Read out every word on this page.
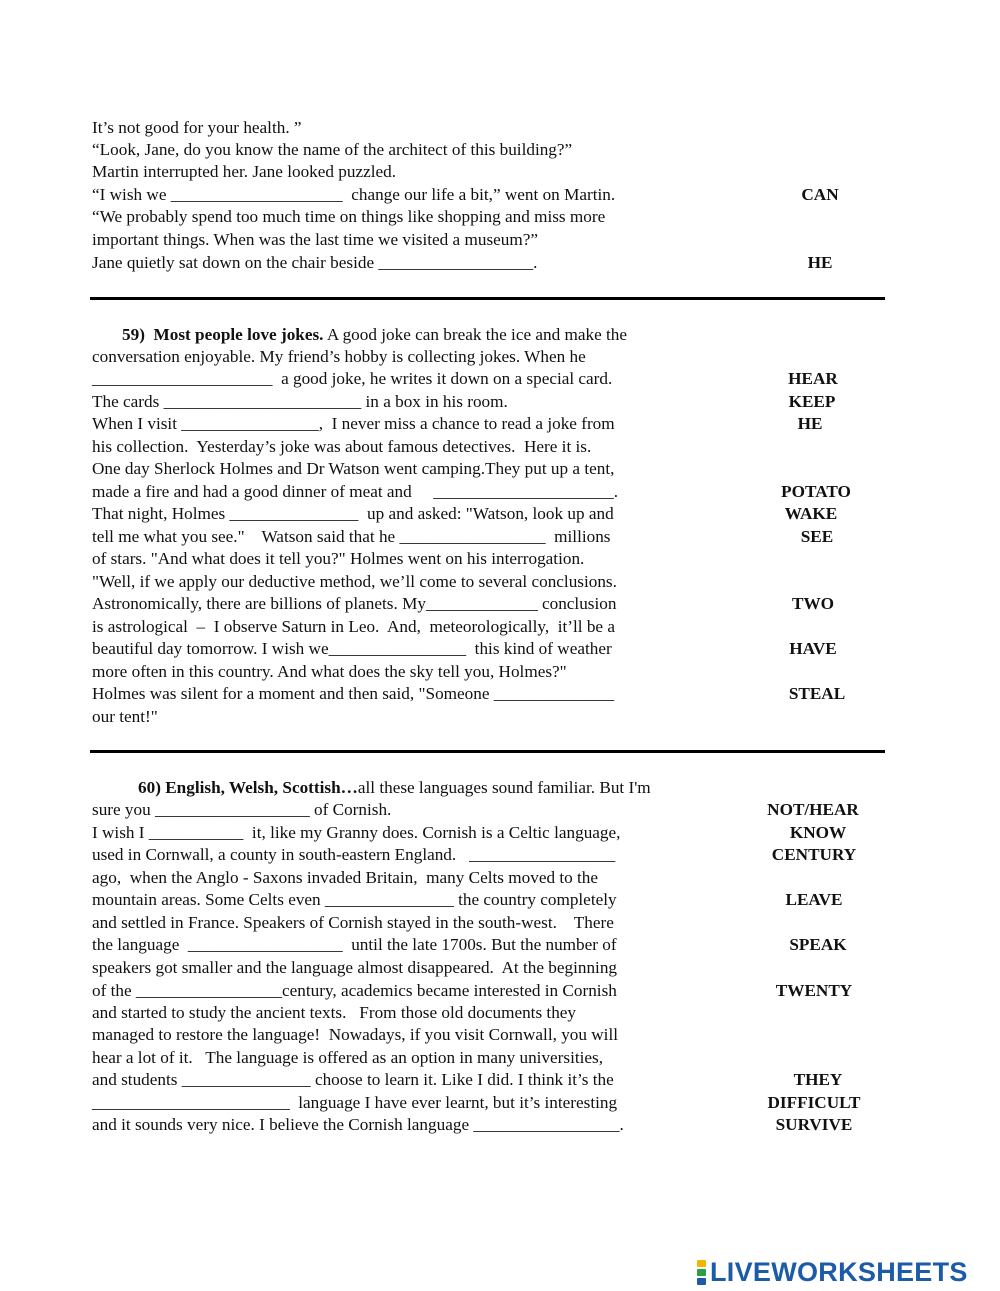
It’s not good for your health. ”
“Look, Jane, do you know the name of the architect of this building?”
Martin interrupted her. Jane looked puzzled.
“I wish we ____________________  change our life a bit,” went on Martin.
“We probably spend too much time on things like shopping and miss more
important things. When was the last time we visited a museum?”
Jane quietly sat down on the chair beside __________________.
CAN
HE
59) Most people love jokes. A good joke can break the ice and make the
conversation enjoyable. My friend’s hobby is collecting jokes. When he
_____________________  a good joke, he writes it down on a special card.
The cards _______________________ in a box in his room.
When I visit ________________,  I never miss a chance to read a joke from
his collection.  Yesterday’s joke was about famous detectives.  Here it is.
One day Sherlock Holmes and Dr Watson went camping.They put up a tent,
made a fire and had a good dinner of meat and     _____________________.
That night, Holmes _______________  up and asked: "Watson, look up and
tell me what you see."    Watson said that he _________________  millions
of stars. "And what does it tell you?" Holmes went on his interrogation.
"Well, if we apply our deductive method, we’ll come to several conclusions.
Astronomically, there are billions of planets. My_____________ conclusion
is astrological  –  I observe Saturn in Leo.  And,  meteorologically,  it’ll be a
beautiful day tomorrow. I wish we________________  this kind of weather
more often in this country. And what does the sky tell you, Holmes?"
Holmes was silent for a moment and then said, "Someone ______________
our tent!"
HEAR
KEEP
HE
POTATO
WAKE
SEE
TWO
HAVE
STEAL
60) English, Welsh, Scottish…all these languages sound familiar. But I'm
sure you __________________ of Cornish.
I wish I ___________  it, like my Granny does. Cornish is a Celtic language,
used in Cornwall, a county in south-eastern England.   _________________
ago,  when the Anglo - Saxons invaded Britain,  many Celts moved to the
mountain areas. Some Celts even _______________ the country completely
and settled in France. Speakers of Cornish stayed in the south-west.    There
the language  __________________  until the late 1700s. But the number of
speakers got smaller and the language almost disappeared.  At the beginning
of the _________________century, academics became interested in Cornish
and started to study the ancient texts.   From those old documents they
managed to restore the language!  Nowadays, if you visit Cornwall, you will
hear a lot of it.   The language is offered as an option in many universities,
and students _______________ choose to learn it. Like I did. I think it’s the
_______________________  language I have ever learnt, but it’s interesting
and it sounds very nice. I believe the Cornish language _________________.
NOT/HEAR
KNOW
CENTURY
LEAVE
SPEAK
TWENTY
THEY
DIFFICULT
SURVIVE
LIVEWORKSHEETS
